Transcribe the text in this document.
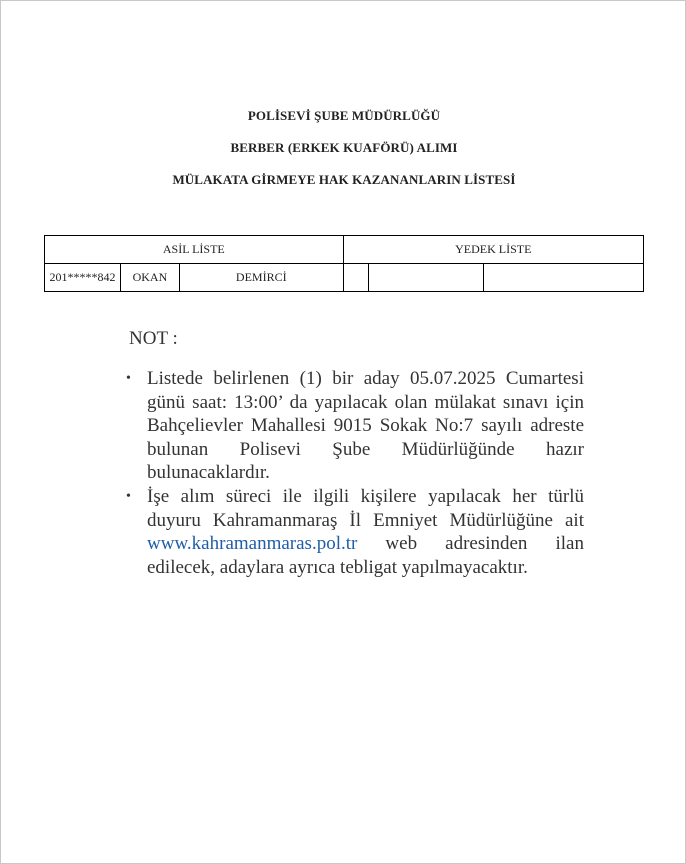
POLİSEVİ ŞUBE MÜDÜRLÜĞÜ
BERBER (ERKEK KUAFÖRÜ) ALIMI
MÜLAKATA GİRMEYE HAK KAZANANLARIN LİSTESİ
ASİL LİSTE			YEDEK LİSTE		
201*****842	OKAN	DEMİRCİ			
NOT :
• Listede belirlenen (1) bir aday 05.07.2025 Cumartesi günü saat: 13:00’ da yapılacak olan mülakat sınavı için Bahçelievler Mahallesi 9015 Sokak No:7 sayılı adreste bulunan Polisevi Şube Müdürlüğünde hazır bulunacaklardır.
• İşe alım süreci ile ilgili kişilere yapılacak her türlü duyuru Kahramanmaraş İl Emniyet Müdürlüğüne ait www.kahramanmaras.pol.tr web adresinden ilan edilecek, adaylara ayrıca tebligat yapılmayacaktır.
